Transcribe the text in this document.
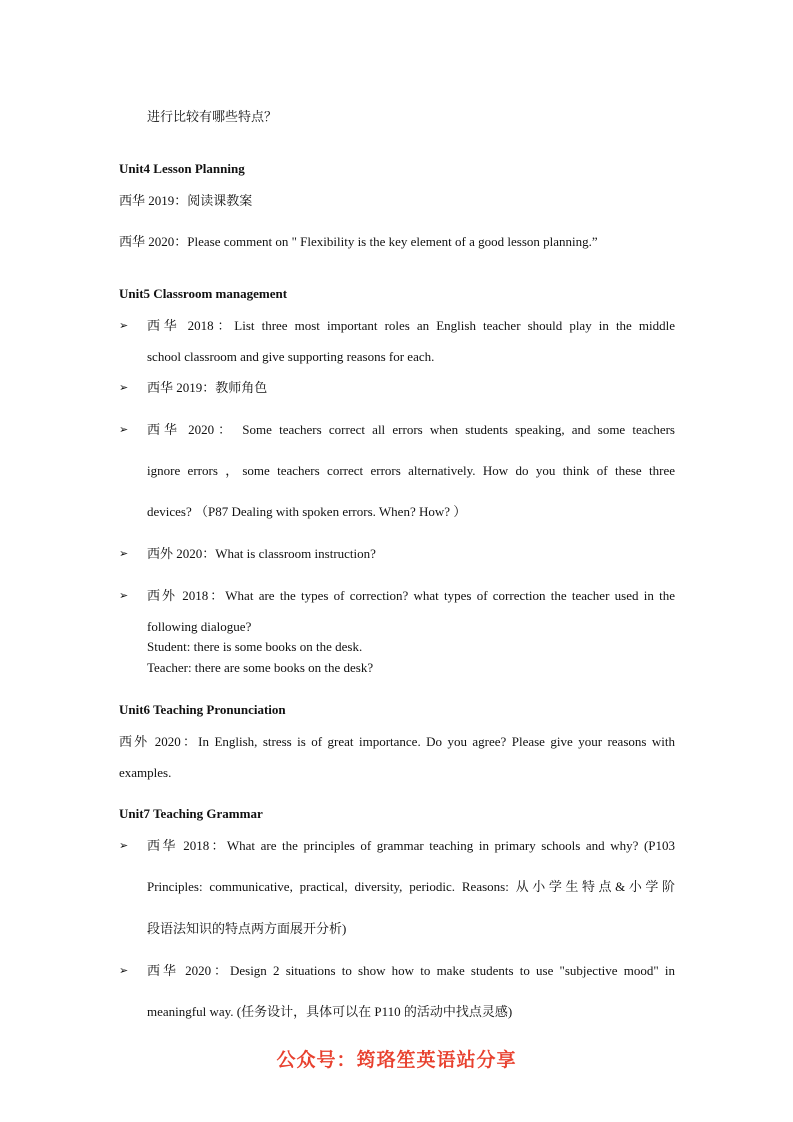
进行比较有哪些特点？
Unit4 Lesson Planning
西华 2019：阅读课教案
西华 2020：Please comment on " Flexibility is the key element of a good lesson planning.”
Unit5 Classroom management
➢ 西华 2018：List three most important roles an English teacher should play in the middle
school classroom and give supporting reasons for each.
➢ 西华 2019：教师角色
➢ 西华 2020： Some teachers correct all errors when students speaking, and some teachers
ignore errors ，some teachers correct errors alternatively. How do you think of these three
devices? （P87 Dealing with spoken errors. When? How? ）
➢ 西外 2020：What is classroom instruction?
➢ 西外 2018：What are the types of correction? what types of correction the teacher used in the
following dialogue?
Student: there is some books on the desk.
Teacher: there are some books on the desk?
Unit6 Teaching Pronunciation
西外 2020：In English, stress is of great importance. Do you agree? Please give your reasons with
examples.
Unit7 Teaching Grammar
➢ 西华 2018：What are the principles of grammar teaching in primary schools and why? (P103
Principles: communicative, practical, diversity, periodic. Reasons: 从小学生特点&小学阶
段语法知识的特点两方面展开分析)
➢ 西华 2020：Design 2 situations to show how to make students to use "subjective mood" in
meaningful way. (任务设计，具体可以在 P110 的活动中找点灵感)
公众号：筠珞笙英语站分享
